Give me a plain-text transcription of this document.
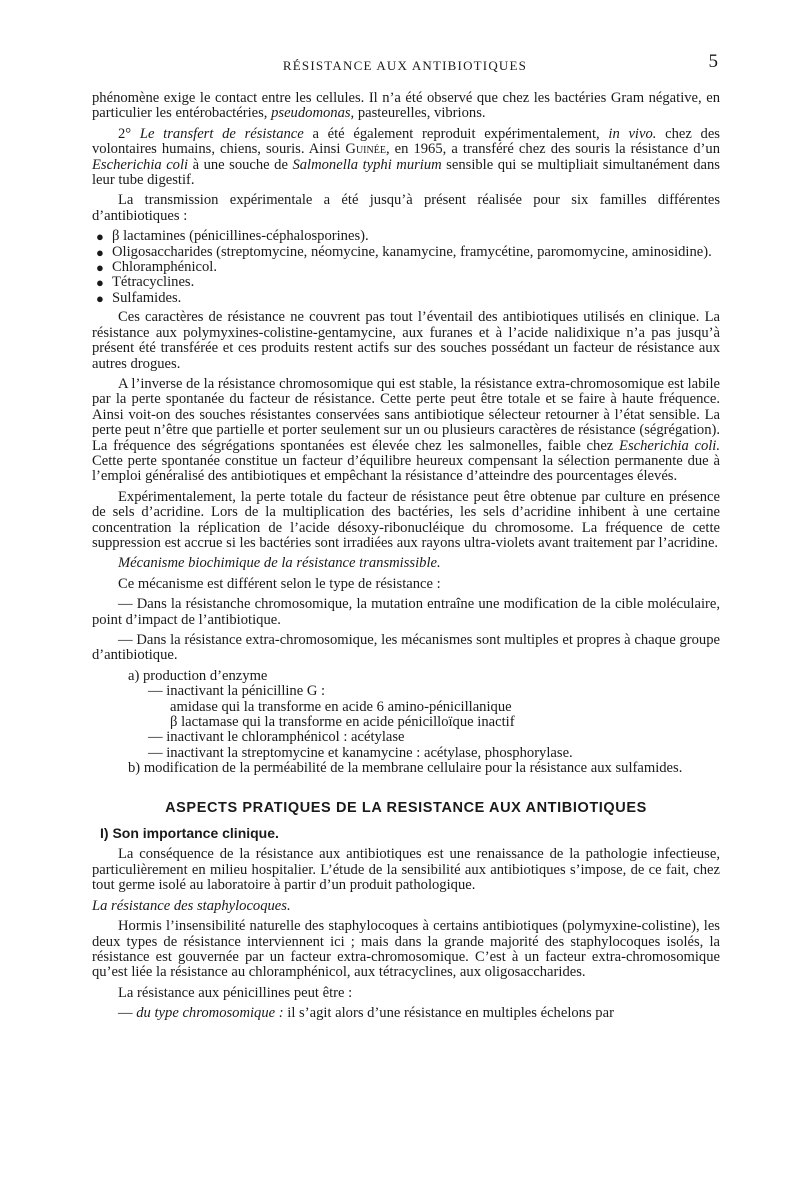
RÉSISTANCE AUX ANTIBIOTIQUES	5

phénomène exige le contact entre les cellules. Il n’a été observé que chez les bactéries Gram négative, en particulier les entérobactéries, pseudomonas, pasteurelles, vibrions.

2° Le transfert de résistance a été également reproduit expérimentalement, in vivo. chez des volontaires humains, chiens, souris. Ainsi Guinée, en 1965, a transféré chez des souris la résistance d’un Escherichia coli à une souche de Salmonella typhi murium sensible qui se multipliait simultanément dans leur tube digestif.

La transmission expérimentale a été jusqu’à présent réalisée pour six familles différentes d’antibiotiques :

● β lactamines (pénicillines-céphalosporines).
● Oligosaccharides (streptomycine, néomycine, kanamycine, framycétine, paromomycine, aminosidine).
● Chloramphénicol.
● Tétracyclines.
● Sulfamides.

Ces caractères de résistance ne couvrent pas tout l’éventail des antibiotiques utilisés en clinique. La résistance aux polymyxines-colistine-gentamycine, aux furanes et à l’acide nalidixique n’a pas jusqu’à présent été transférée et ces produits restent actifs sur des souches possédant un facteur de résistance aux autres drogues.

A l’inverse de la résistance chromosomique qui est stable, la résistance extra-chromosomique est labile par la perte spontanée du facteur de résistance. Cette perte peut être totale et se faire à haute fréquence. Ainsi voit-on des souches résistantes conservées sans antibiotique sélecteur retourner à l’état sensible. La perte peut n’être que partielle et porter seulement sur un ou plusieurs caractères de résistance (ségrégation). La fréquence des ségrégations spontanées est élevée chez les salmonelles, faible chez Escherichia coli. Cette perte spontanée constitue un facteur d’équilibre heureux compensant la sélection permanente due à l’emploi généralisé des antibiotiques et empêchant la résistance d’atteindre des pourcentages élevés.

Expérimentalement, la perte totale du facteur de résistance peut être obtenue par culture en présence de sels d’acridine. Lors de la multiplication des bactéries, les sels d’acridine inhibent à une certaine concentration la réplication de l’acide désoxy-ribonucléique du chromosome. La fréquence de cette suppression est accrue si les bactéries sont irradiées aux rayons ultra-violets avant traitement par l’acridine.

Mécanisme biochimique de la résistance transmissible.

Ce mécanisme est différent selon le type de résistance :

— Dans la résistanche chromosomique, la mutation entraîne une modification de la cible moléculaire, point d’impact de l’antibiotique.

— Dans la résistance extra-chromosomique, les mécanismes sont multiples et propres à chaque groupe d’antibiotique.

a) production d’enzyme
— inactivant la pénicilline G :
amidase qui la transforme en acide 6 amino-pénicillanique
β lactamase qui la transforme en acide pénicilloïque inactif
— inactivant le chloramphénicol : acétylase
— inactivant la streptomycine et kanamycine : acétylase, phosphorylase.
b) modification de la perméabilité de la membrane cellulaire pour la résistance aux sulfamides.
ASPECTS PRATIQUES DE LA RESISTANCE AUX ANTIBIOTIQUES
I) Son importance clinique.

La conséquence de la résistance aux antibiotiques est une renaissance de la pathologie infectieuse, particulièrement en milieu hospitalier. L’étude de la sensibilité aux antibiotiques s’impose, de ce fait, chez tout germe isolé au laboratoire à partir d’un produit pathologique.

La résistance des staphylocoques.

Hormis l’insensibilité naturelle des staphylocoques à certains antibiotiques (polymyxine-colistine), les deux types de résistance interviennent ici ; mais dans la grande majorité des staphylocoques isolés, la résistance est gouvernée par un facteur extra-chromosomique. C’est à un facteur extra-chromosomique qu’est liée la résistance au chloramphénicol, aux tétracyclines, aux oligosaccharides.

La résistance aux pénicillines peut être :

— du type chromosomique : il s’agit alors d’une résistance en multiples échelons par
